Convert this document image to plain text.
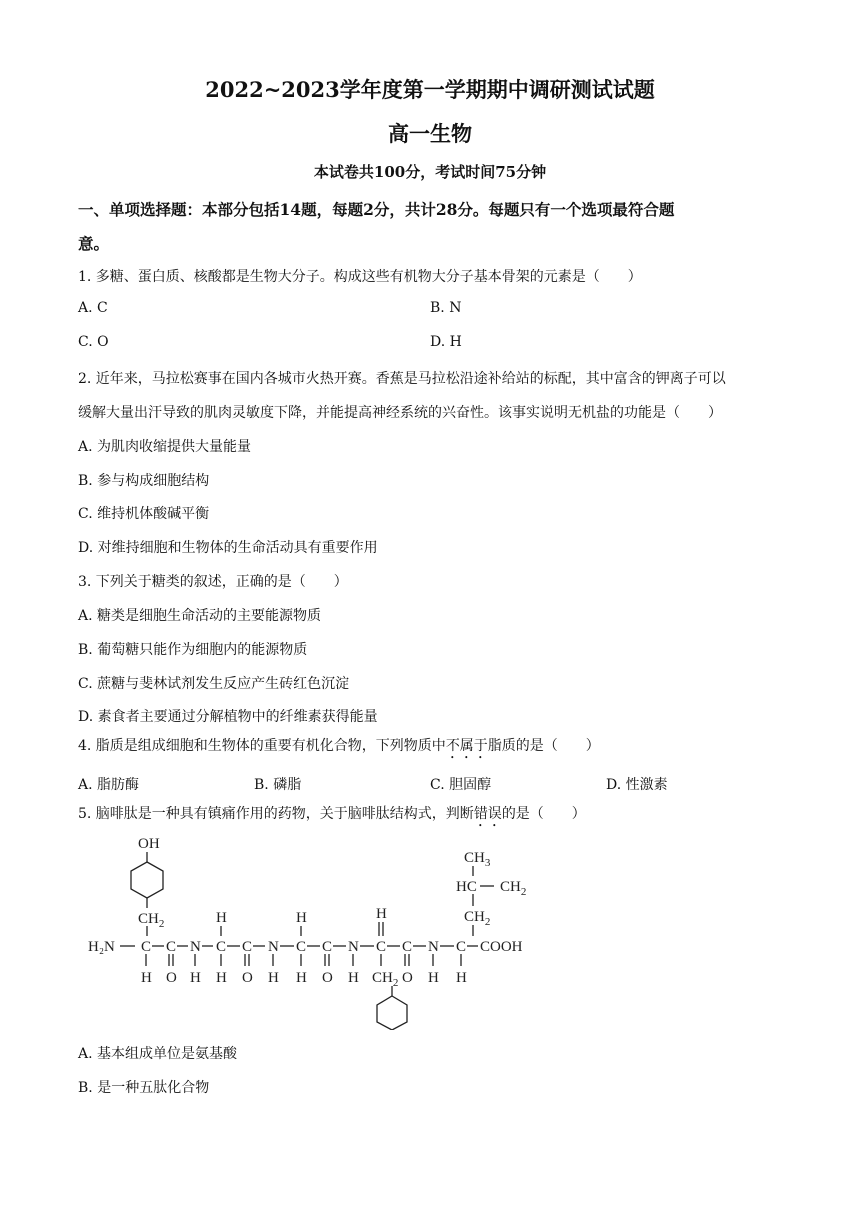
2022~2023学年度第一学期期中调研测试试题
高一生物
本试卷共100分，考试时间75分钟
一、单项选择题：本部分包括14题，每题2分，共计28分。每题只有一个选项最符合题
意。
1. 多糖、蛋白质、核酸都是生物大分子。构成这些有机物大分子基本骨架的元素是（　　）
A. C	B. N
C. O	D. H
2. 近年来，马拉松赛事在国内各城市火热开赛。香蕉是马拉松沿途补给站的标配，其中富含的钾离子可以
缓解大量出汗导致的肌肉灵敏度下降，并能提高神经系统的兴奋性。该事实说明无机盐的功能是（　　）
A. 为肌肉收缩提供大量能量
B. 参与构成细胞结构
C. 维持机体酸碱平衡
D. 对维持细胞和生物体的生命活动具有重要作用
3. 下列关于糖类的叙述，正确的是（　　）
A. 糖类是细胞生命活动的主要能源物质
B. 葡萄糖只能作为细胞内的能源物质
C. 蔗糖与斐林试剂发生反应产生砖红色沉淀
D. 素食者主要通过分解植物中的纤维素获得能量
4. 脂质是组成细胞和生物体的重要有机化合物，下列物质中不属于脂质的是（　　）
A. 脂肪酶	B. 磷脂	C. 胆固醇	D. 性激素
5. 脑啡肽是一种具有镇痛作用的药物，关于脑啡肽结构式，判断错误的是（　　）
OH
$CH_2$
H₂N C C N C C N C C N C C N C COOH
H	H	H
$CH_3$
HC $CH_2$
$CH_2$
H O H H O H H O H $CH_2$ O H H
A. 基本组成单位是氨基酸
B. 是一种五肽化合物
